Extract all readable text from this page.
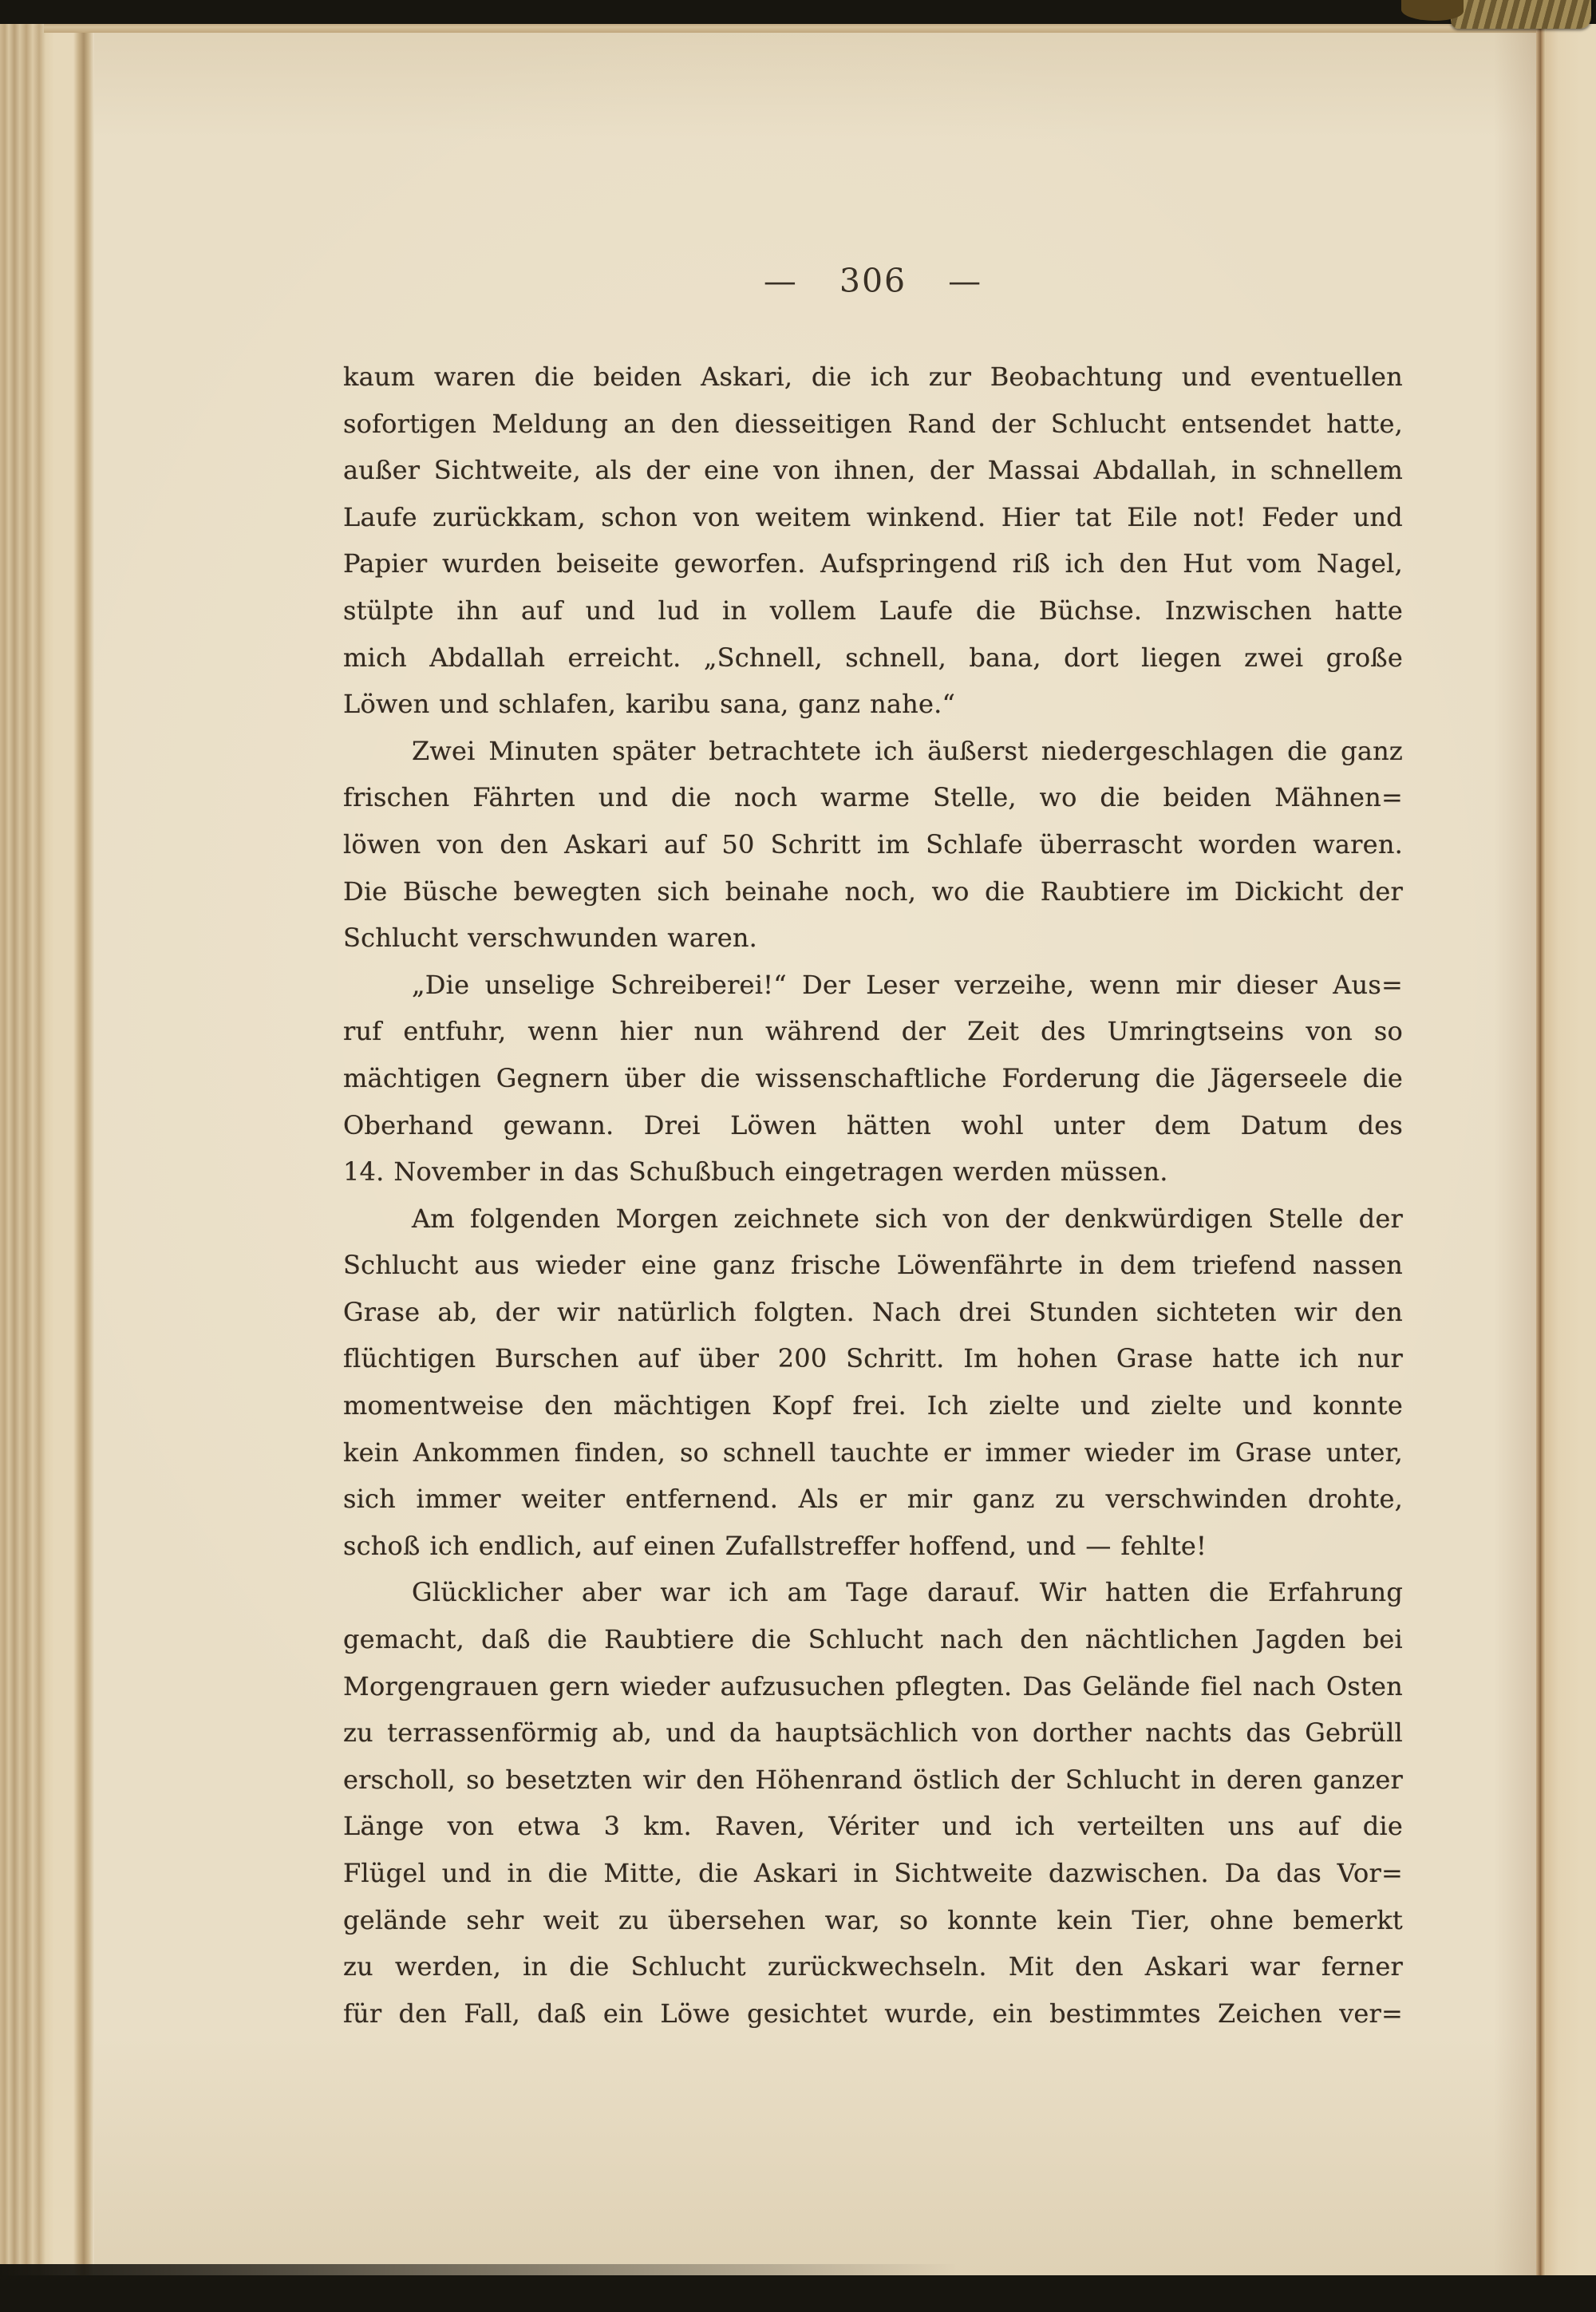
— 306 —
kaum waren die beiden Askari, die ich zur Beobachtung und eventuellen
sofortigen Meldung an den diesseitigen Rand der Schlucht entsendet hatte,
außer Sichtweite, als der eine von ihnen, der Massai Abdallah, in schnellem
Laufe zurückkam, schon von weitem winkend. Hier tat Eile not! Feder und
Papier wurden beiseite geworfen. Aufspringend riß ich den Hut vom Nagel,
stülpte ihn auf und lud in vollem Laufe die Büchse. Inzwischen hatte
mich Abdallah erreicht. „Schnell, schnell, bana, dort liegen zwei große
Löwen und schlafen, karibu sana, ganz nahe.“
Zwei Minuten später betrachtete ich äußerst niedergeschlagen die ganz
frischen Fährten und die noch warme Stelle, wo die beiden Mähnen=
löwen von den Askari auf 50 Schritt im Schlafe überrascht worden waren.
Die Büsche bewegten sich beinahe noch, wo die Raubtiere im Dickicht der
Schlucht verschwunden waren.
„Die unselige Schreiberei!“ Der Leser verzeihe, wenn mir dieser Aus=
ruf entfuhr, wenn hier nun während der Zeit des Umringtseins von so
mächtigen Gegnern über die wissenschaftliche Forderung die Jägerseele die
Oberhand gewann. Drei Löwen hätten wohl unter dem Datum des
14. November in das Schußbuch eingetragen werden müssen.
Am folgenden Morgen zeichnete sich von der denkwürdigen Stelle der
Schlucht aus wieder eine ganz frische Löwenfährte in dem triefend nassen
Grase ab, der wir natürlich folgten. Nach drei Stunden sichteten wir den
flüchtigen Burschen auf über 200 Schritt. Im hohen Grase hatte ich nur
momentweise den mächtigen Kopf frei. Ich zielte und zielte und konnte
kein Ankommen finden, so schnell tauchte er immer wieder im Grase unter,
sich immer weiter entfernend. Als er mir ganz zu verschwinden drohte,
schoß ich endlich, auf einen Zufallstreffer hoffend, und — fehlte!
Glücklicher aber war ich am Tage darauf. Wir hatten die Erfahrung
gemacht, daß die Raubtiere die Schlucht nach den nächtlichen Jagden bei
Morgengrauen gern wieder aufzusuchen pflegten. Das Gelände fiel nach Osten
zu terrassenförmig ab, und da hauptsächlich von dorther nachts das Gebrüll
erscholl, so besetzten wir den Höhenrand östlich der Schlucht in deren ganzer
Länge von etwa 3 km. Raven, Vériter und ich verteilten uns auf die
Flügel und in die Mitte, die Askari in Sichtweite dazwischen. Da das Vor=
gelände sehr weit zu übersehen war, so konnte kein Tier, ohne bemerkt
zu werden, in die Schlucht zurückwechseln. Mit den Askari war ferner
für den Fall, daß ein Löwe gesichtet wurde, ein bestimmtes Zeichen ver=
